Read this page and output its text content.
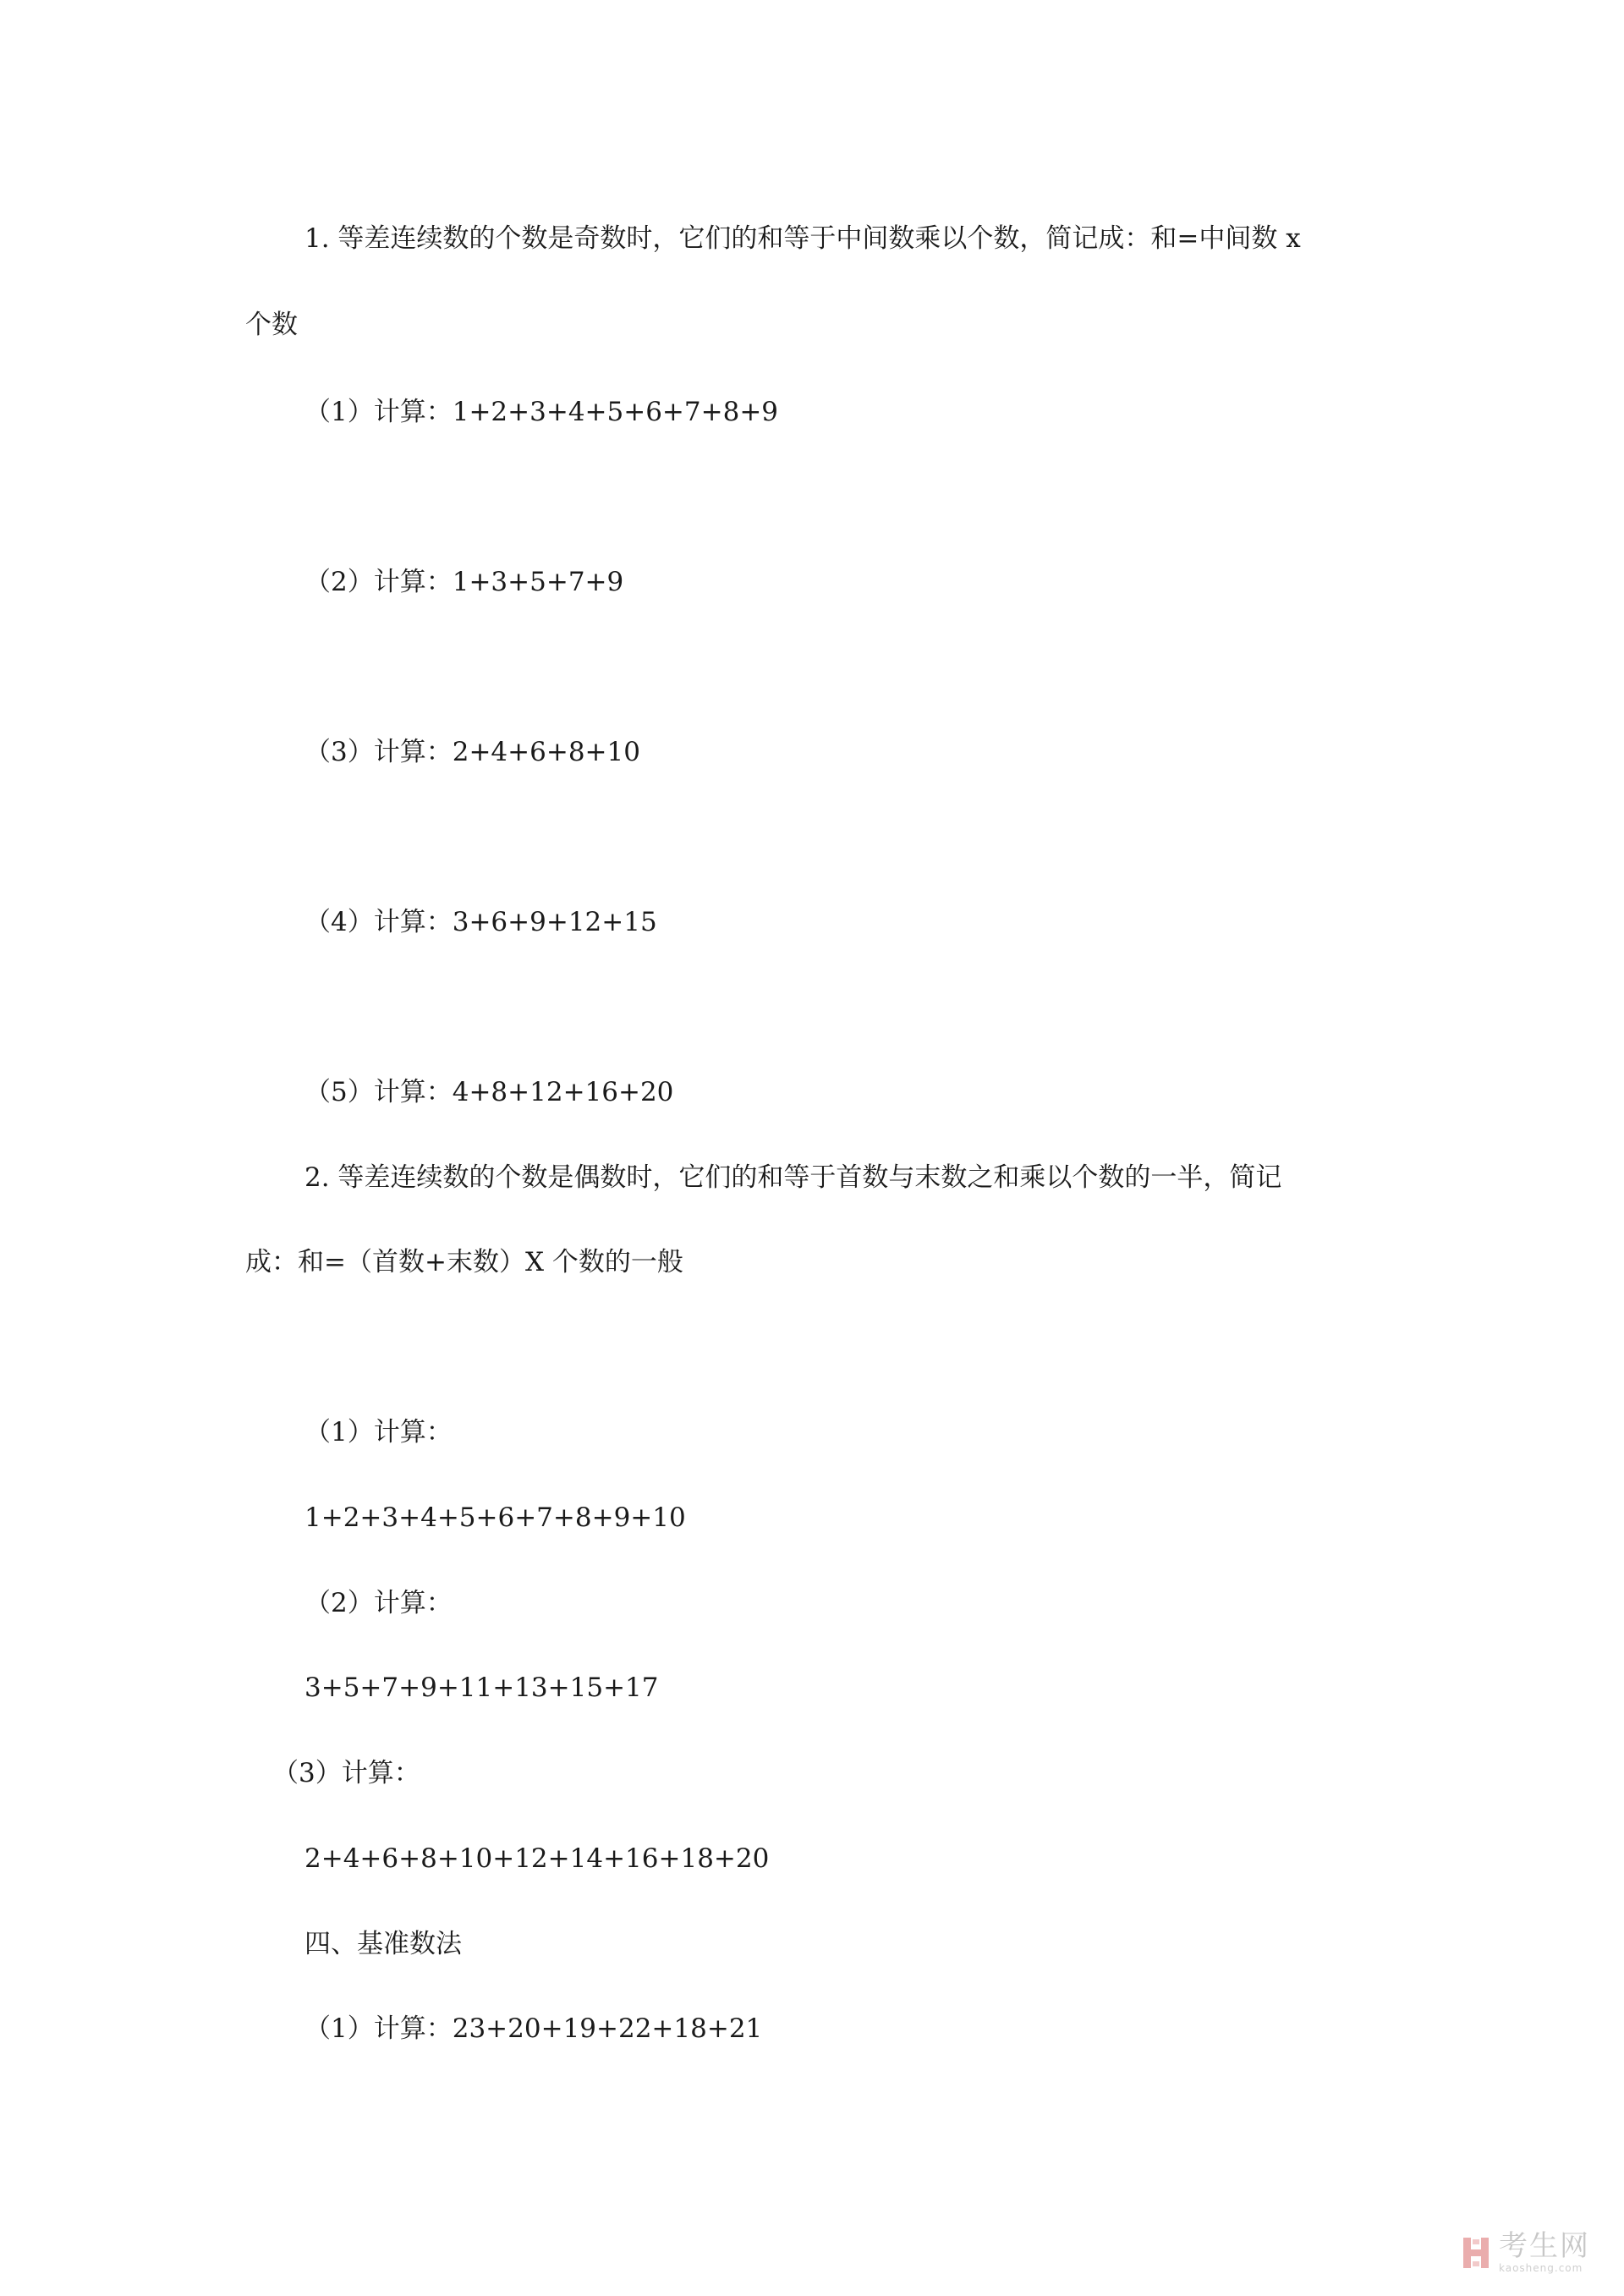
1. 等差连续数的个数是奇数时，它们的和等于中间数乘以个数，简记成：和=中间数 x
个数
（1）计算：1+2+3+4+5+6+7+8+9
（2）计算：1+3+5+7+9
（3）计算：2+4+6+8+10
（4）计算：3+6+9+12+15
（5）计算：4+8+12+16+20
2. 等差连续数的个数是偶数时，它们的和等于首数与末数之和乘以个数的一半，简记
成：和=（首数+末数）X 个数的一般
（1）计算：
1+2+3+4+5+6+7+8+9+10
（2）计算：
3+5+7+9+11+13+15+17
（3）计算：
2+4+6+8+10+12+14+16+18+20
四、基准数法
（1）计算：23+20+19+22+18+21
考生网
kaosheng.com
